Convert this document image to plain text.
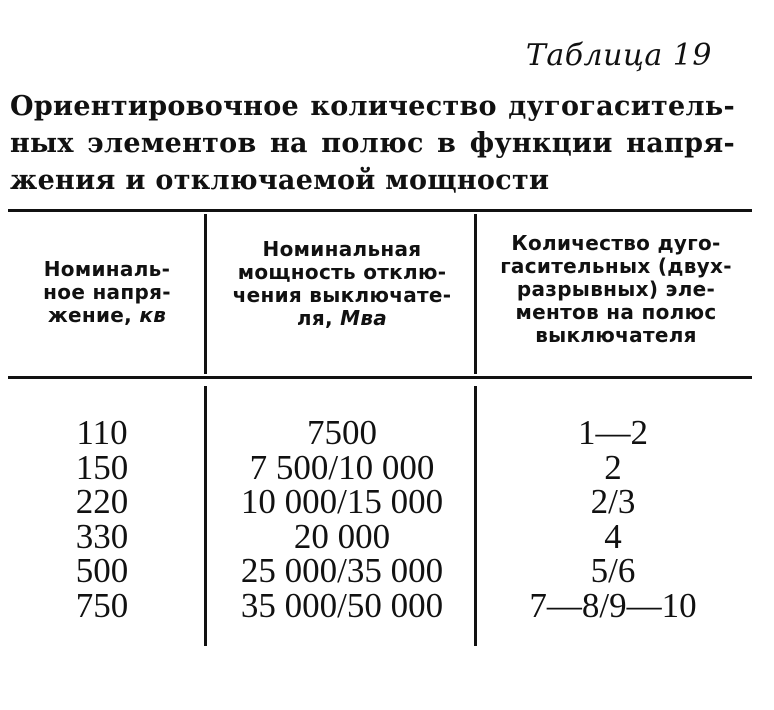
Таблица 19
Ориентировочное количество дугогаситель-
ных элементов на полюс в функции напря-
жения и отключаемой мощности
Номиналь-
ное напря-
жение, кв
Номинальная
мощность отклю-
чения выключате-
ля, Мва
Количество дуго-
гасительных (двух-
разрывных) эле-
ментов на полюс
выключателя
110
150
220
330
500
750
7500
7 500/10 000
10 000/15 000
20 000
25 000/35 000
35 000/50 000
1—2
2
2/3
4
5/6
7—8/9—10
